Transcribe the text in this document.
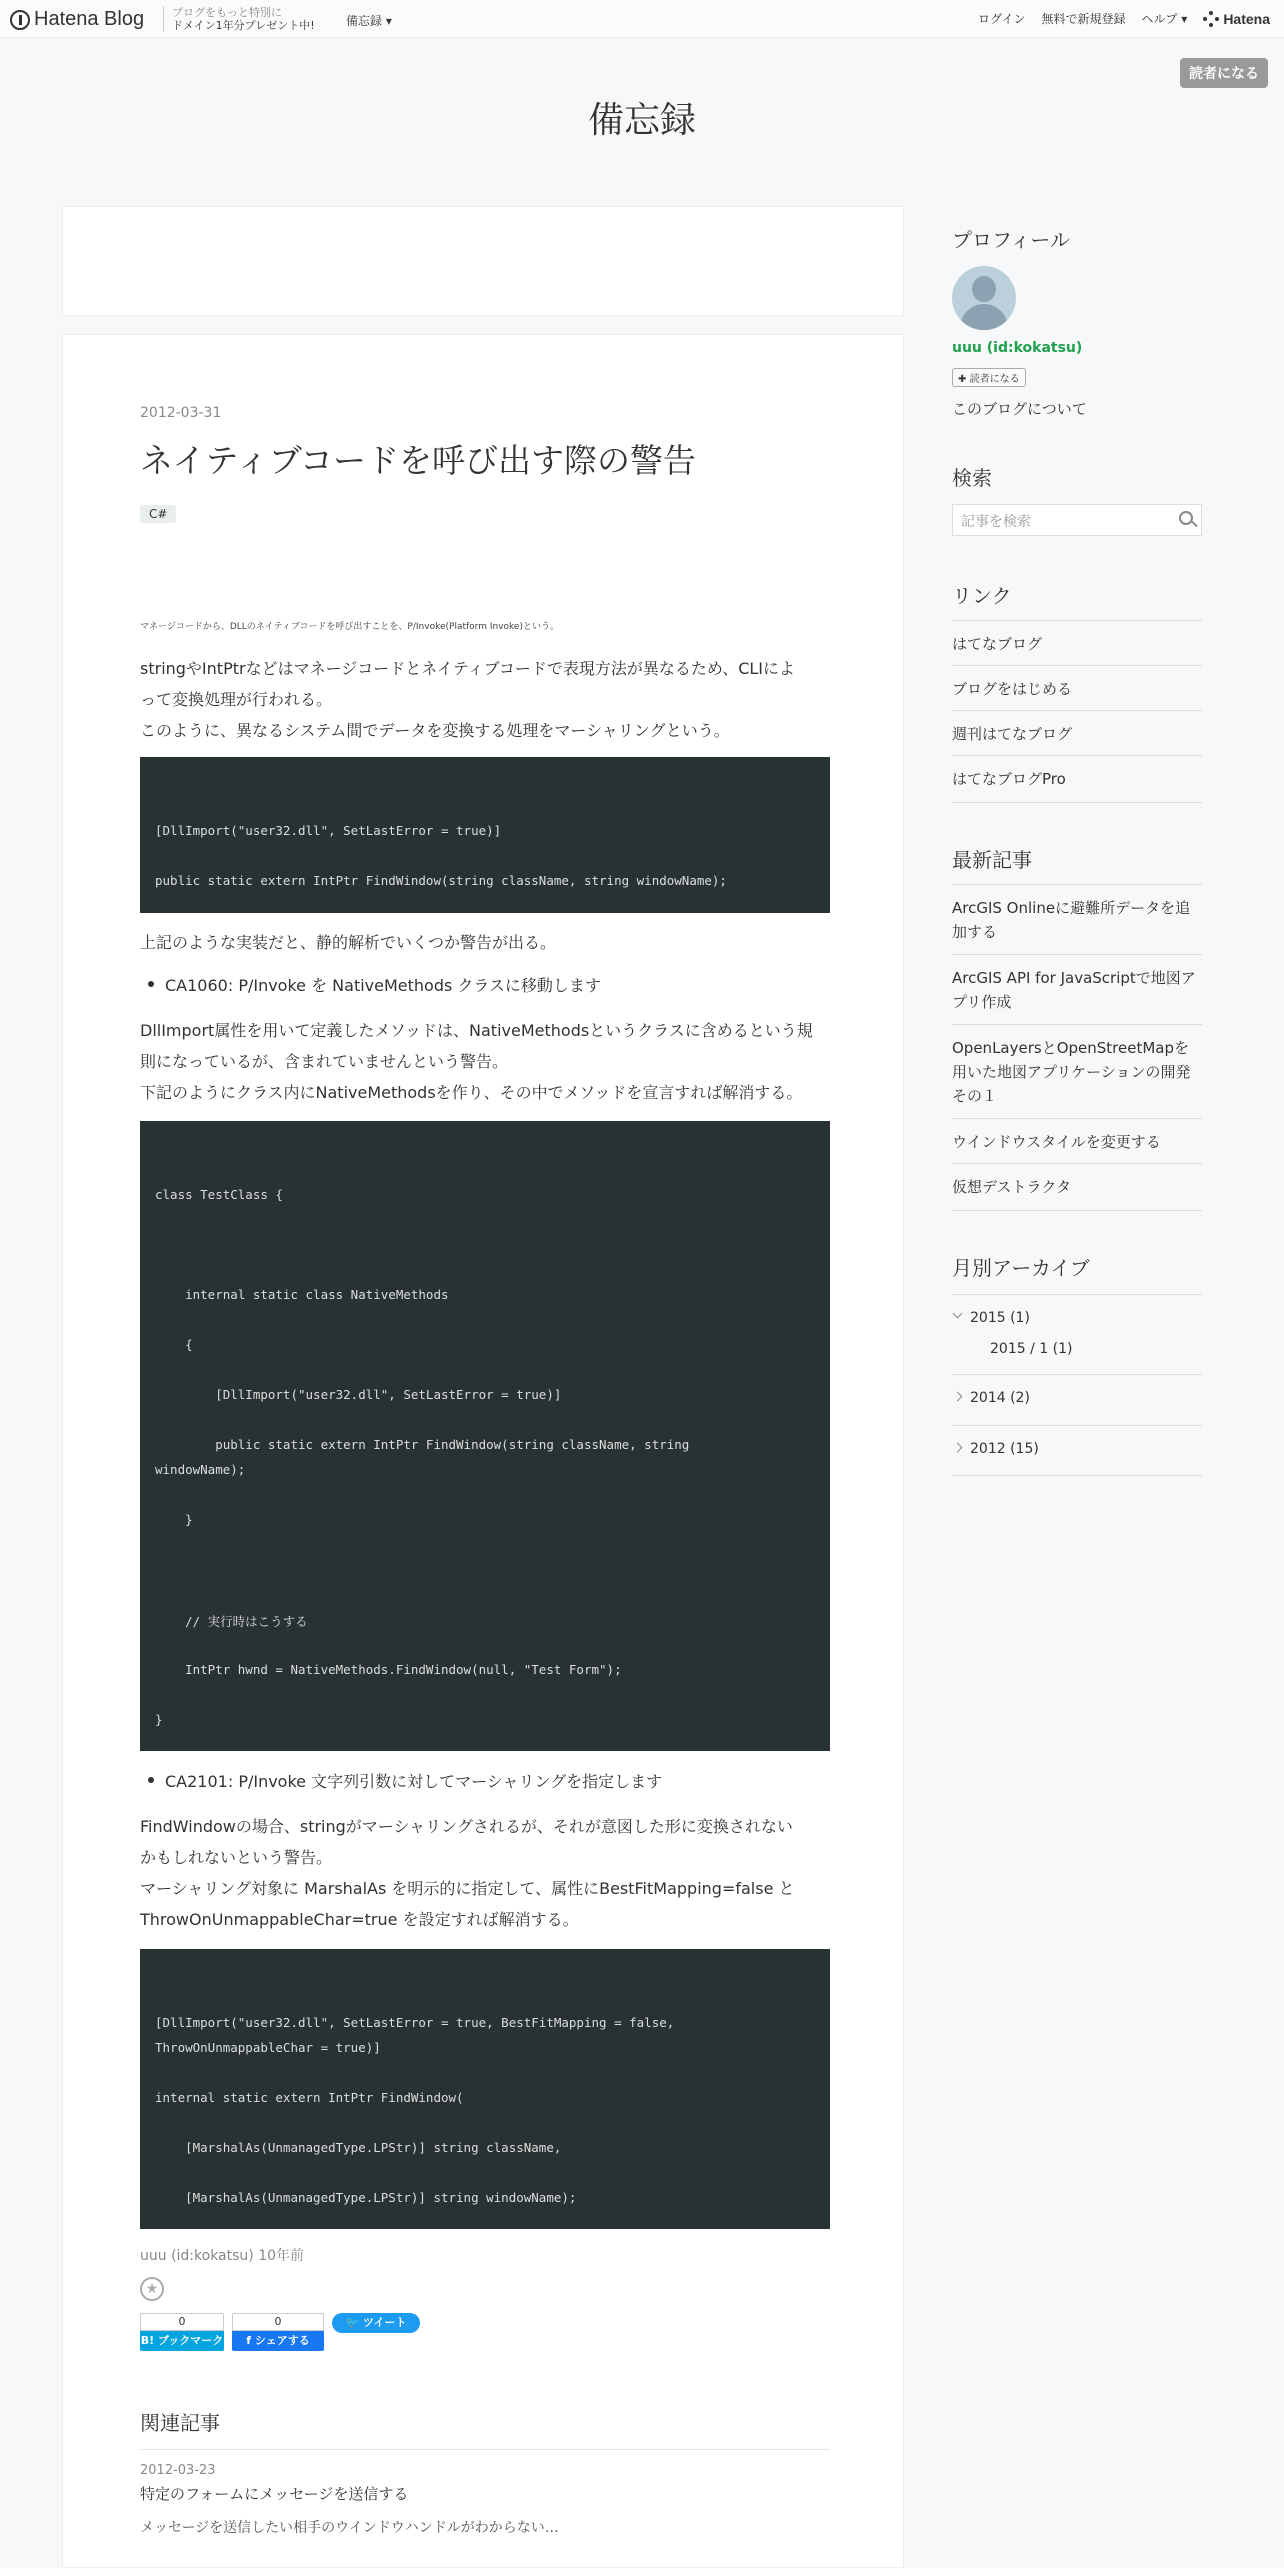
Hatena Blog	ブログをもっと特別に
ドメイン1年分プレゼント中!	備忘録 ▾	ログイン 無料で新規登録 ヘルプ ▾	Hatena
読者になる
備忘録
2012-03-31
ネイティブコードを呼び出す際の警告
C#
マネージコードから、DLLのネイティブコードを呼び出すことを、P/Invoke(Platform Invoke)という。
stringやIntPtrなどはマネージコードとネイティブコードで表現方法が異なるため、CLIによ
って変換処理が行われる。
このように、異なるシステム間でデータを変換する処理をマーシャリングという。
[DllImport("user32.dll", SetLastError = true)]
public static extern IntPtr FindWindow(string className, string windowName);
上記のような実装だと、静的解析でいくつか警告が出る。
CA1060: P/Invoke を NativeMethods クラスに移動します
DllImport属性を用いて定義したメソッドは、NativeMethodsというクラスに含めるという規
則になっているが、含まれていませんという警告。
下記のようにクラス内にNativeMethodsを作り、その中でメソッドを宣言すれば解消する。
class TestClass {
internal static class NativeMethods
{
[DllImport("user32.dll", SetLastError = true)]
public static extern IntPtr FindWindow(string className, string
windowName);
}
// 実行時はこうする
IntPtr hwnd = NativeMethods.FindWindow(null, "Test Form");
}
CA2101: P/Invoke 文字列引数に対してマーシャリングを指定します
FindWindowの場合、stringがマーシャリングされるが、それが意図した形に変換されない
かもしれないという警告。
マーシャリング対象に MarshalAs を明示的に指定して、属性にBestFitMapping=false と
ThrowOnUnmappableChar=true を設定すれば解消する。
[DllImport("user32.dll", SetLastError = true, BestFitMapping = false,
ThrowOnUnmappableChar = true)]
internal static extern IntPtr FindWindow(
[MarshalAs(UnmanagedType.LPStr)] string className,
[MarshalAs(UnmanagedType.LPStr)] string windowName);
uuu (id:kokatsu) 10年前
★
0
B! ブックマーク
0
f シェアする
🐦 ツイート
関連記事
2012-03-23
特定のフォームにメッセージを送信する
メッセージを送信したい相手のウインドウハンドルがわからない…
プロフィール
uuu (id:kokatsu)
✚ 読者になる
このブログについて
検索
記事を検索
リンク
はてなブログ
ブログをはじめる
週刊はてなブログ
はてなブログPro
最新記事
ArcGIS Onlineに避難所データを追加する
ArcGIS API for JavaScriptで地図アプリ作成
OpenLayersとOpenStreetMapを用いた地図アプリケーションの開発その１
ウインドウスタイルを変更する
仮想デストラクタ
月別アーカイブ
2015 (1)
2015 / 1 (1)
2014 (2)
2012 (15)
